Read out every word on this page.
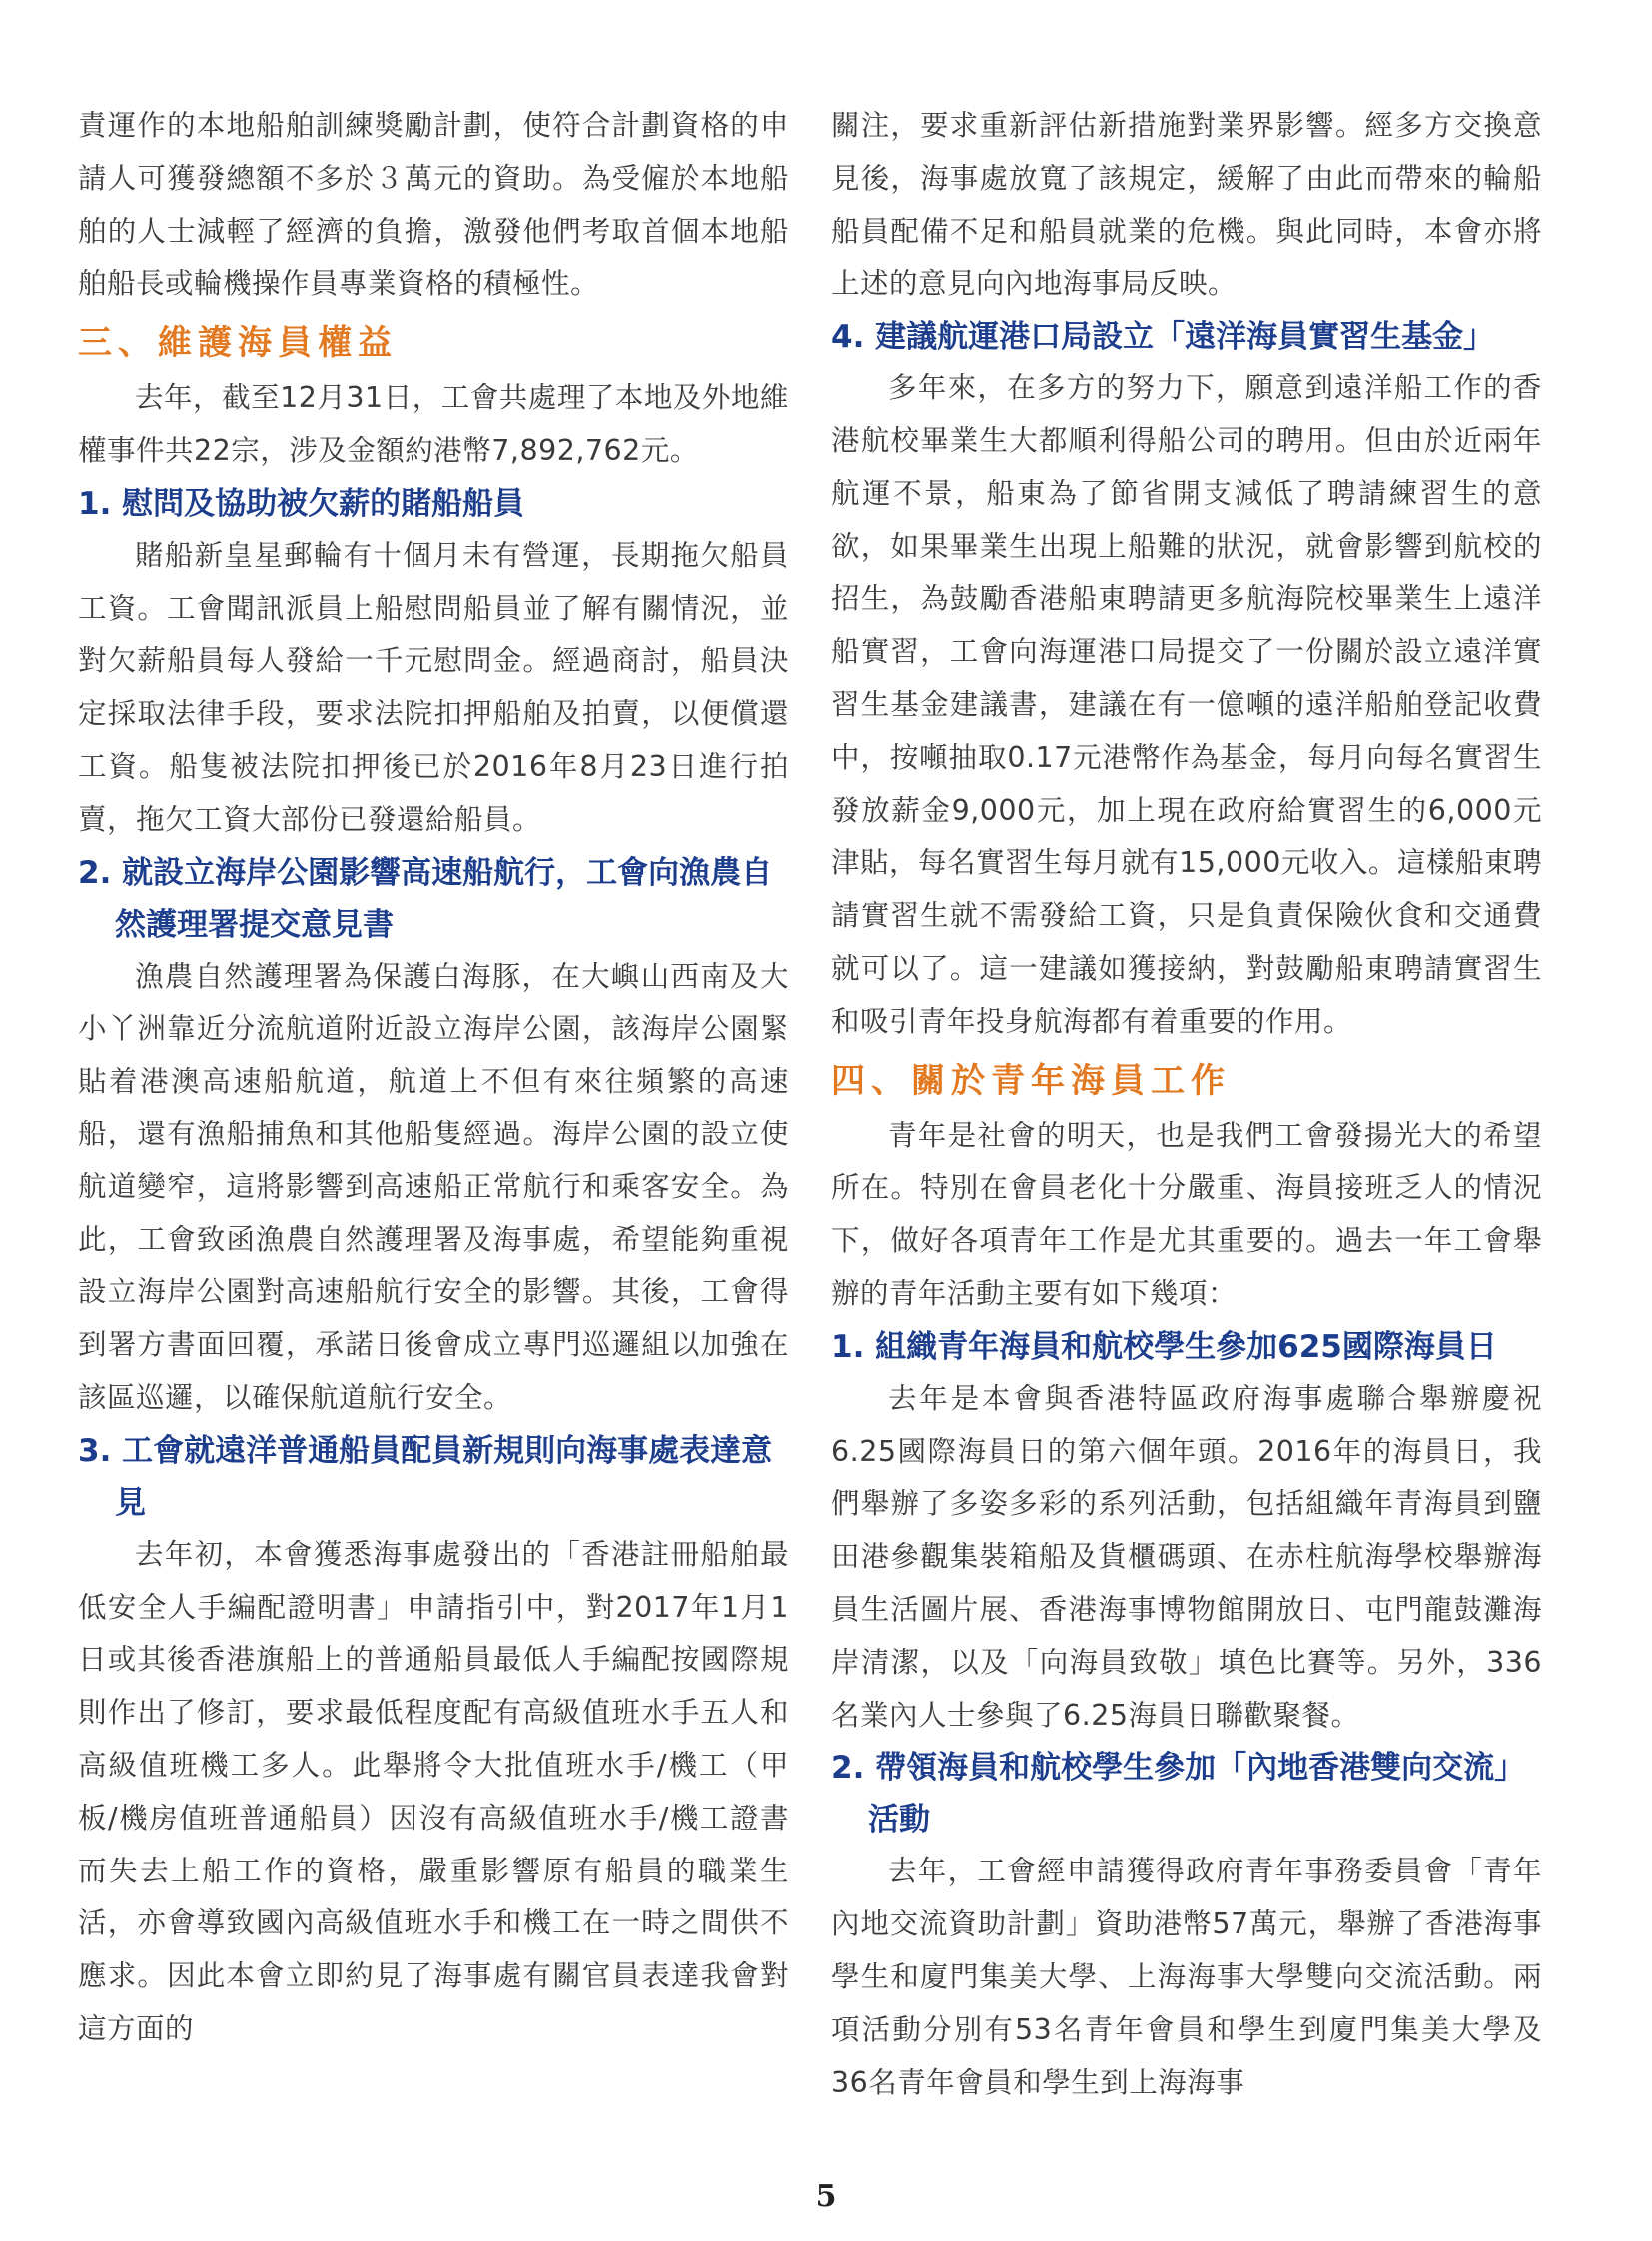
責運作的本地船舶訓練獎勵計劃，使符合計劃資格的申請人可獲發總額不多於３萬元的資助。為受僱於本地船舶的人士減輕了經濟的負擔，激發他們考取首個本地船舶船長或輪機操作員專業資格的積極性。

三、維護海員權益

去年，截至12月31日，工會共處理了本地及外地維權事件共22宗，涉及金額約港幣7,892,762元。

1. 慰問及協助被欠薪的賭船船員

賭船新皇星郵輪有十個月未有營運，長期拖欠船員工資。工會聞訊派員上船慰問船員並了解有關情況，並對欠薪船員每人發給一千元慰問金。經過商討，船員決定採取法律手段，要求法院扣押船舶及拍賣，以便償還工資。船隻被法院扣押後已於2016年8月23日進行拍賣，拖欠工資大部份已發還給船員。

2. 就設立海岸公園影響高速船航行，工會向漁農自然護理署提交意見書

漁農自然護理署為保護白海豚，在大嶼山西南及大小丫洲靠近分流航道附近設立海岸公園，該海岸公園緊貼着港澳高速船航道，航道上不但有來往頻繁的高速船，還有漁船捕魚和其他船隻經過。海岸公園的設立使航道變窄，這將影響到高速船正常航行和乘客安全。為此，工會致函漁農自然護理署及海事處，希望能夠重視設立海岸公園對高速船航行安全的影響。其後，工會得到署方書面回覆，承諾日後會成立專門巡邏組以加強在該區巡邏，以確保航道航行安全。

3. 工會就遠洋普通船員配員新規則向海事處表達意見

去年初，本會獲悉海事處發出的「香港註冊船舶最低安全人手編配證明書」申請指引中，對2017年1月1日或其後香港旗船上的普通船員最低人手編配按國際規則作出了修訂，要求最低程度配有高級值班水手五人和高級值班機工多人。此舉將令大批值班水手/機工（甲板/機房值班普通船員）因沒有高級值班水手/機工證書而失去上船工作的資格，嚴重影響原有船員的職業生活，亦會導致國內高級值班水手和機工在一時之間供不應求。因此本會立即約見了海事處有關官員表達我會對這方面的

關注，要求重新評估新措施對業界影響。經多方交換意見後，海事處放寬了該規定，緩解了由此而帶來的輪船船員配備不足和船員就業的危機。與此同時，本會亦將上述的意見向內地海事局反映。

4. 建議航運港口局設立「遠洋海員實習生基金」

多年來，在多方的努力下，願意到遠洋船工作的香港航校畢業生大都順利得船公司的聘用。但由於近兩年航運不景，船東為了節省開支減低了聘請練習生的意欲，如果畢業生出現上船難的狀況，就會影響到航校的招生，為鼓勵香港船東聘請更多航海院校畢業生上遠洋船實習，工會向海運港口局提交了一份關於設立遠洋實習生基金建議書，建議在有一億噸的遠洋船舶登記收費中，按噸抽取0.17元港幣作為基金，每月向每名實習生發放薪金9,000元，加上現在政府給實習生的6,000元津貼，每名實習生每月就有15,000元收入。這樣船東聘請實習生就不需發給工資，只是負責保險伙食和交通費就可以了。這一建議如獲接納，對鼓勵船東聘請實習生和吸引青年投身航海都有着重要的作用。

四、關於青年海員工作

青年是社會的明天，也是我們工會發揚光大的希望所在。特別在會員老化十分嚴重、海員接班乏人的情況下，做好各項青年工作是尤其重要的。過去一年工會舉辦的青年活動主要有如下幾項：

1. 組織青年海員和航校學生參加625國際海員日

去年是本會與香港特區政府海事處聯合舉辦慶祝6.25國際海員日的第六個年頭。2016年的海員日，我們舉辦了多姿多彩的系列活動，包括組織年青海員到鹽田港參觀集裝箱船及貨櫃碼頭、在赤柱航海學校舉辦海員生活圖片展、香港海事博物館開放日、屯門龍鼓灘海岸清潔，以及「向海員致敬」填色比賽等。另外，336名業內人士參與了6.25海員日聯歡聚餐。

2. 帶領海員和航校學生參加「內地香港雙向交流」活動

去年，工會經申請獲得政府青年事務委員會「青年內地交流資助計劃」資助港幣57萬元，舉辦了香港海事學生和廈門集美大學、上海海事大學雙向交流活動。兩項活動分別有53名青年會員和學生到廈門集美大學及36名青年會員和學生到上海海事

5
